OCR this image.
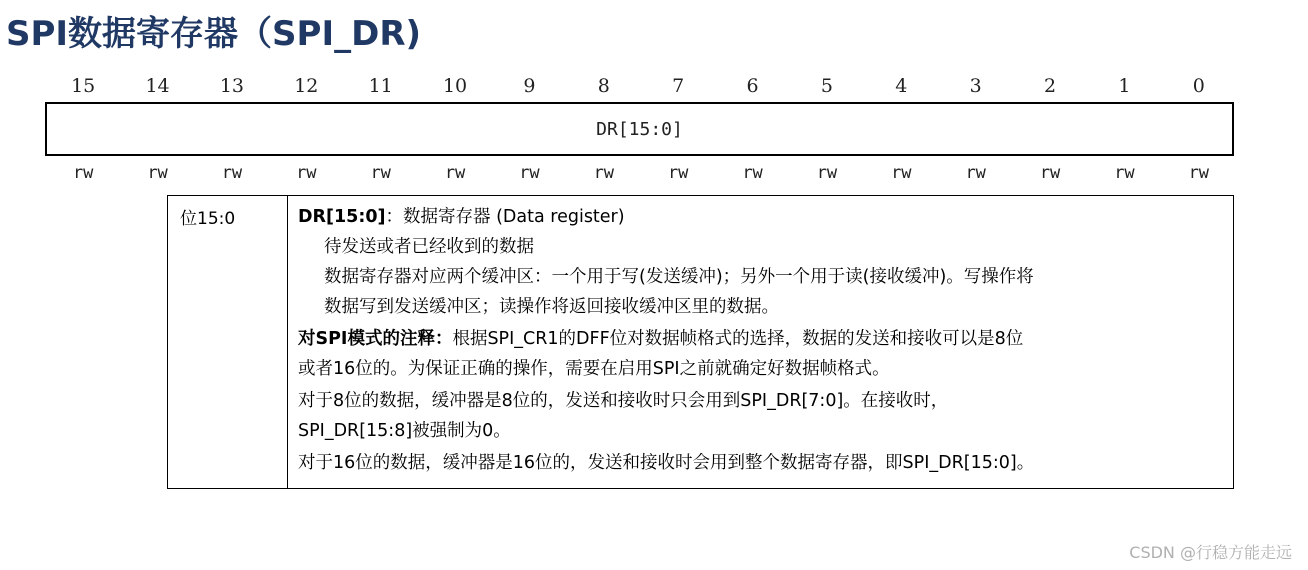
SPI数据寄存器（SPI_DR)
15	14	13	12	11	10	9	8	7	6	5	4	3	2	1	0
DR[15:0]
rw	rw	rw	rw	rw	rw	rw	rw	rw	rw	rw	rw	rw	rw	rw	rw
位15:0	DR[15:0]：数据寄存器 (Data register)

待发送或者已经收到的数据

数据寄存器对应两个缓冲区：一个用于写(发送缓冲)；另外一个用于读(接收缓冲)。写操作将

数据写到发送缓冲区；读操作将返回接收缓冲区里的数据。

对SPI模式的注释：根据SPI_CR1的DFF位对数据帧格式的选择，数据的发送和接收可以是8位

或者16位的。为保证正确的操作，需要在启用SPI之前就确定好数据帧格式。

对于8位的数据，缓冲器是8位的，发送和接收时只会用到SPI_DR[7:0]。在接收时，

SPI_DR[15:8]被强制为0。

对于16位的数据，缓冲器是16位的，发送和接收时会用到整个数据寄存器，即SPI_DR[15:0]。

CSDN @行稳方能走远
